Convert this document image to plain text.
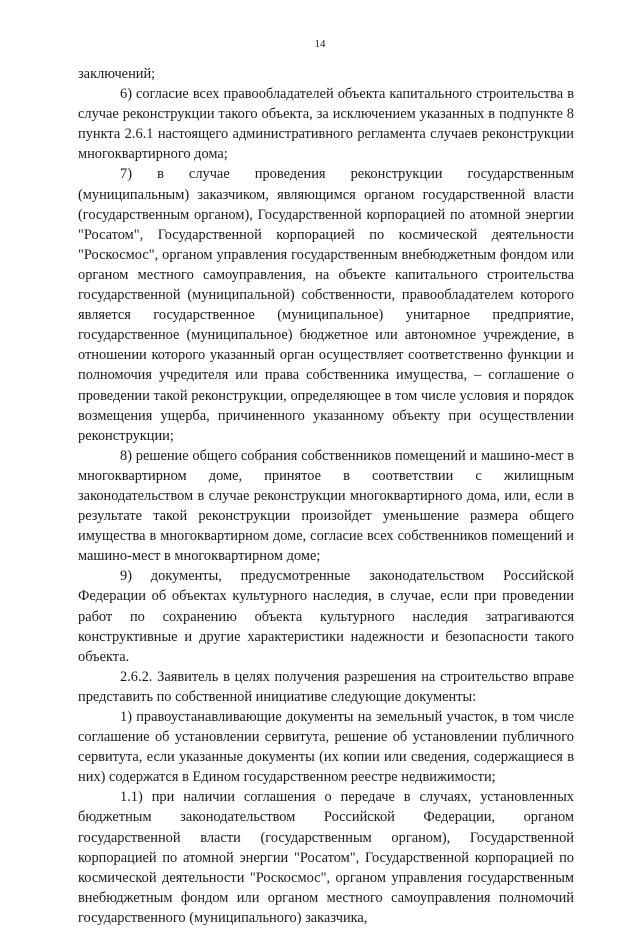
14

заключений;

6) согласие всех правообладателей объекта капитального строительства в случае реконструкции такого объекта, за исключением указанных в подпункте 8 пункта 2.6.1 настоящего административного регламента случаев реконструкции многоквартирного дома;

7) в случае проведения реконструкции государственным (муниципальным) заказчиком, являющимся органом государственной власти (государственным органом), Государственной корпорацией по атомной энергии "Росатом", Государственной корпорацией по космической деятельности "Роскосмос", органом управления государственным внебюджетным фондом или органом местного самоуправления, на объекте капитального строительства государственной (муниципальной) собственности, правообладателем которого является государственное (муниципальное) унитарное предприятие, государственное (муниципальное) бюджетное или автономное учреждение, в отношении которого указанный орган осуществляет соответственно функции и полномочия учредителя или права собственника имущества, – соглашение о проведении такой реконструкции, определяющее в том числе условия и порядок возмещения ущерба, причиненного указанному объекту при осуществлении реконструкции;

8) решение общего собрания собственников помещений и машино-мест в многоквартирном доме, принятое в соответствии с жилищным законодательством в случае реконструкции многоквартирного дома, или, если в результате такой реконструкции произойдет уменьшение размера общего имущества в многоквартирном доме, согласие всех собственников помещений и машино-мест в многоквартирном доме;

9) документы, предусмотренные законодательством Российской Федерации об объектах культурного наследия, в случае, если при проведении работ по сохранению объекта культурного наследия затрагиваются конструктивные и другие характеристики надежности и безопасности такого объекта.

2.6.2. Заявитель в целях получения разрешения на строительство вправе представить по собственной инициативе следующие документы:

1) правоустанавливающие документы на земельный участок, в том числе соглашение об установлении сервитута, решение об установлении публичного сервитута, если указанные документы (их копии или сведения, содержащиеся в них) содержатся в Едином государственном реестре недвижимости;

1.1) при наличии соглашения о передаче в случаях, установленных бюджетным законодательством Российской Федерации, органом государственной власти (государственным органом), Государственной корпорацией по атомной энергии "Росатом", Государственной корпорацией по космической деятельности "Роскосмос", органом управления государственным внебюджетным фондом или органом местного самоуправления полномочий государственного (муниципального) заказчика,
